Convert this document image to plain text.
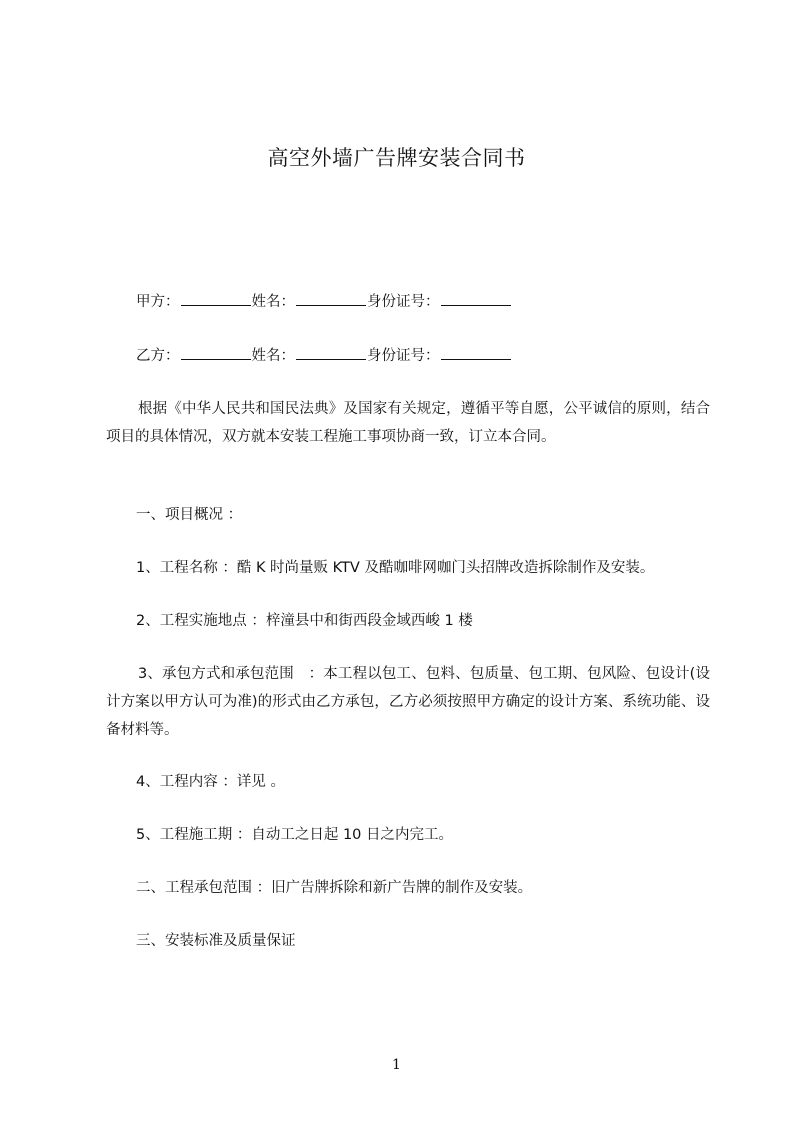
高空外墙广告牌安装合同书
甲方：	姓名：	身份证号：
乙方：	姓名：	身份证号：
根据《中华人民共和国民法典》及国家有关规定，遵循平等自愿，公平诚信的原则，结合项目的具体情况，双方就本安装工程施工事项协商一致，订立本合同。
一、项目概况 ：
1、工程名称 ：酷 K 时尚量贩 KTV 及酷咖啡网咖门头招牌改造拆除制作及安装。
2、工程实施地点 ：梓潼县中和街西段金域西峻 1 楼
3、承包方式和承包范围　：本工程以包工、包料、包质量、包工期、包风险、包设计(设计方案以甲方认可为准)的形式由乙方承包，乙方必须按照甲方确定的设计方案、系统功能、设备材料等。
4、工程内容 ：详见 。
5、工程施工期 ：自动工之日起 10 日之内完工。
二、工程承包范围 ：旧广告牌拆除和新广告牌的制作及安装。
三、安装标准及质量保证
1
